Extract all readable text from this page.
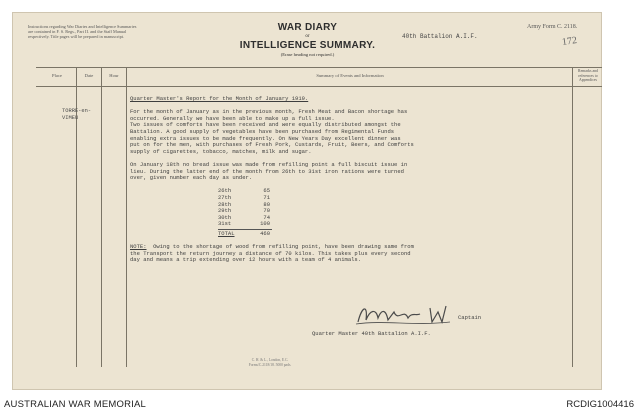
Instructions regarding War Diaries and Intelligence Summaries are contained in F. S. Regs., Part II. and the Staff Manual respectively. Title pages will be prepared in manuscript.
WAR DIARY
or
INTELLIGENCE SUMMARY.
(Erase heading not required.)
40th Battalion A.I.F.
Army Form C. 2118.
172
Place	Date	Hour	Summary of Events and Information
Remarks and references to Appendices
TORRE-en-
VIMEU

Quarter Master's Report for the Month of January 1919.

For the month of January as in the previous month, Fresh Meat and Bacon shortage has

occurred. Generally we have been able to make up a full issue.

Two issues of comforts have been received and were equally distributed amongst the

Battalion. A good supply of vegetables have been purchased from Regimental Funds

enabling extra issues to be made frequently. On New Years Day excellent dinner was

put on for the men, with purchases of Fresh Pork, Custards, Fruit, Beers, and Comforts

supply of cigarettes, tobacco, matches, milk and sugar.

On January 18th no bread issue was made from refilling point a full biscuit issue in

lieu. During the latter end of the month from 26th to 31st iron rations were turned

over, given number each day as under.

26th	65
27th	71
28th	80
29th	70
30th	74
31st	100
TOTAL	460

NOTE: Owing to the shortage of wood from refilling point, have been drawing same from

the Transport the return journey a distance of 70 kilos. This takes plus every second

day and means a trip extending over 12 hours with a team of 4 animals.

Captain
Quarter Master 40th Battalion A.I.F.
C. H. & L., London, E.C.
Forms/C.2118/18. 5000 pads.
AUSTRALIAN WAR MEMORIAL	RCDIG1004416
